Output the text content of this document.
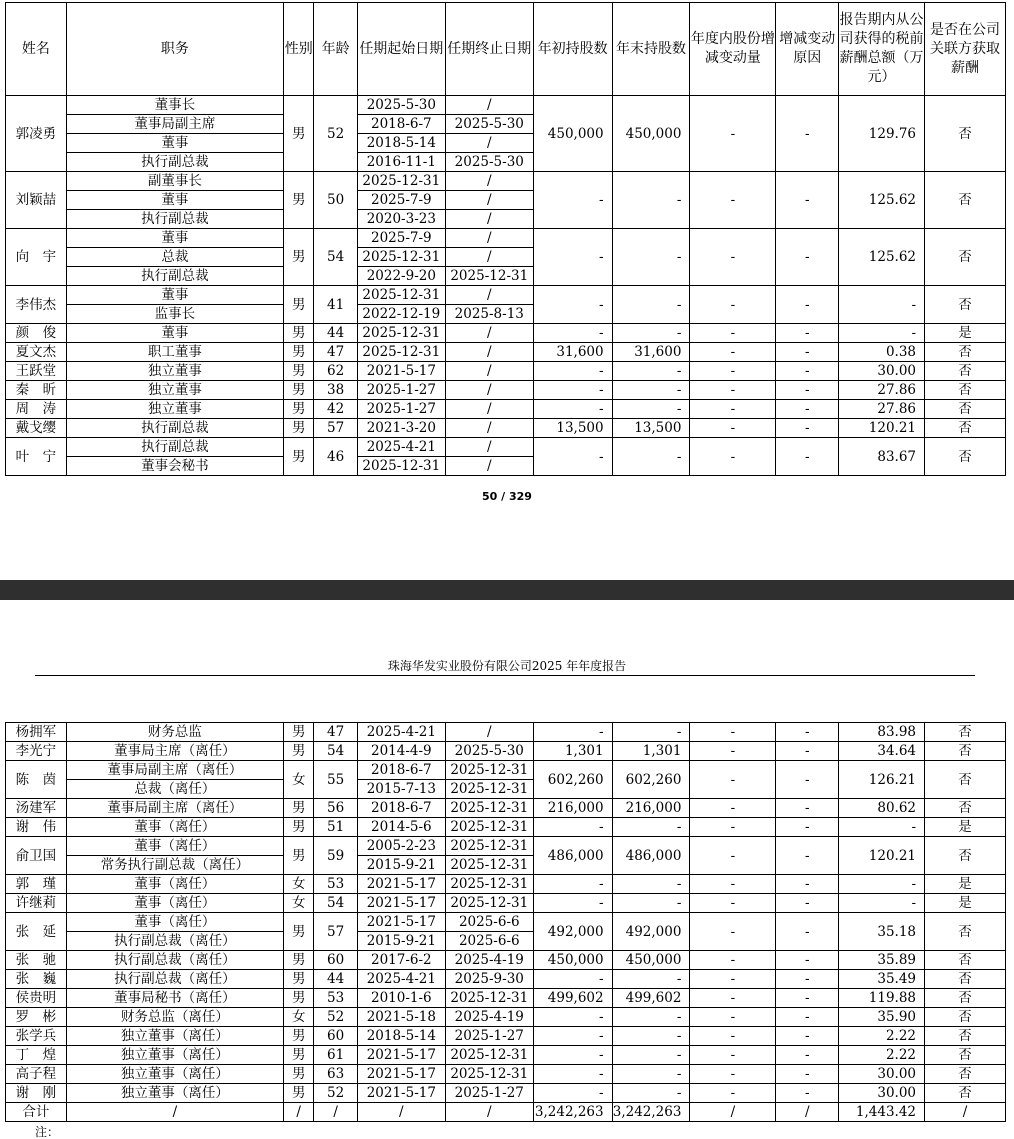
姓名	职务	性别	年龄	任期起始日期	任期终止日期	年初持股数	年末持股数	年度内股份增减变动量	增减变动原因	报告期内从公司获得的税前薪酬总额（万元）	是否在公司关联方获取薪酬
郭凌勇	董事长	男	52	2025-5-30	/	450,000	450,000	-	-	129.76	否
	董事局副主席			2018-6-7	2025-5-30						
	董事			2018-5-14	/						
	执行副总裁			2016-11-1	2025-5-30						
刘颖喆	副董事长	男	50	2025-12-31	/	-	-	-	-	125.62	否
	董事			2025-7-9	/						
	执行副总裁			2020-3-23	/						
向　宇	董事	男	54	2025-7-9	/	-	-	-	-	125.62	否
	总裁			2025-12-31	/						
	执行副总裁			2022-9-20	2025-12-31						
李伟杰	董事	男	41	2025-12-31	/	-	-	-	-	-	否
	监事长			2022-12-19	2025-8-13						
颜　俊	董事	男	44	2025-12-31	/	-	-	-	-	-	是
夏文杰	职工董事	男	47	2025-12-31	/	31,600	31,600	-	-	0.38	否
王跃堂	独立董事	男	62	2021-5-17	/	-	-	-	-	30.00	否
秦　昕	独立董事	男	38	2025-1-27	/	-	-	-	-	27.86	否
周　涛	独立董事	男	42	2025-1-27	/	-	-	-	-	27.86	否
戴戈缨	执行副总裁	男	57	2021-3-20	/	13,500	13,500	-	-	120.21	否
叶　宁	执行副总裁	男	46	2025-4-21	/	-	-	-	-	83.67	否
	董事会秘书			2025-12-31	/						
50 / 329
珠海华发实业股份有限公司2025 年年度报告
杨拥军	财务总监	男	47	2025-4-21	/	-	-	-	-	83.98	否
李光宁	董事局主席（离任）	男	54	2014-4-9	2025-5-30	1,301	1,301	-	-	34.64	否
陈　茵	董事局副主席（离任）	女	55	2018-6-7	2025-12-31	602,260	602,260	-	-	126.21	否
	总裁（离任）			2015-7-13	2025-12-31						
汤建军	董事局副主席（离任）	男	56	2018-6-7	2025-12-31	216,000	216,000	-	-	80.62	否
谢　伟	董事（离任）	男	51	2014-5-6	2025-12-31	-	-	-	-	-	是
俞卫国	董事（离任）	男	59	2005-2-23	2025-12-31	486,000	486,000	-	-	120.21	否
	常务执行副总裁（离任）			2015-9-21	2025-12-31						
郭　瑾	董事（离任）	女	53	2021-5-17	2025-12-31	-	-	-	-	-	是
许继莉	董事（离任）	女	54	2021-5-17	2025-12-31	-	-	-	-	-	是
张　延	董事（离任）	男	57	2021-5-17	2025-6-6	492,000	492,000	-	-	35.18	否
	执行副总裁（离任）			2015-9-21	2025-6-6						
张　驰	执行副总裁（离任）	男	60	2017-6-2	2025-4-19	450,000	450,000	-	-	35.89	否
张　巍	执行副总裁（离任）	男	44	2025-4-21	2025-9-30	-	-	-	-	35.49	否
侯贵明	董事局秘书（离任）	男	53	2010-1-6	2025-12-31	499,602	499,602	-	-	119.88	否
罗　彬	财务总监（离任）	女	52	2021-5-18	2025-4-19	-	-	-	-	35.90	否
张学兵	独立董事（离任）	男	60	2018-5-14	2025-1-27	-	-	-	-	2.22	否
丁　煌	独立董事（离任）	男	61	2021-5-17	2025-12-31	-	-	-	-	2.22	否
高子程	独立董事（离任）	男	63	2021-5-17	2025-12-31	-	-	-	-	30.00	否
谢　刚	独立董事（离任）	男	52	2021-5-17	2025-1-27	-	-	-	-	30.00	否
合计	/	/	/	/	/	3,242,263	3,242,263	/	/	1,443.42	/
注：
